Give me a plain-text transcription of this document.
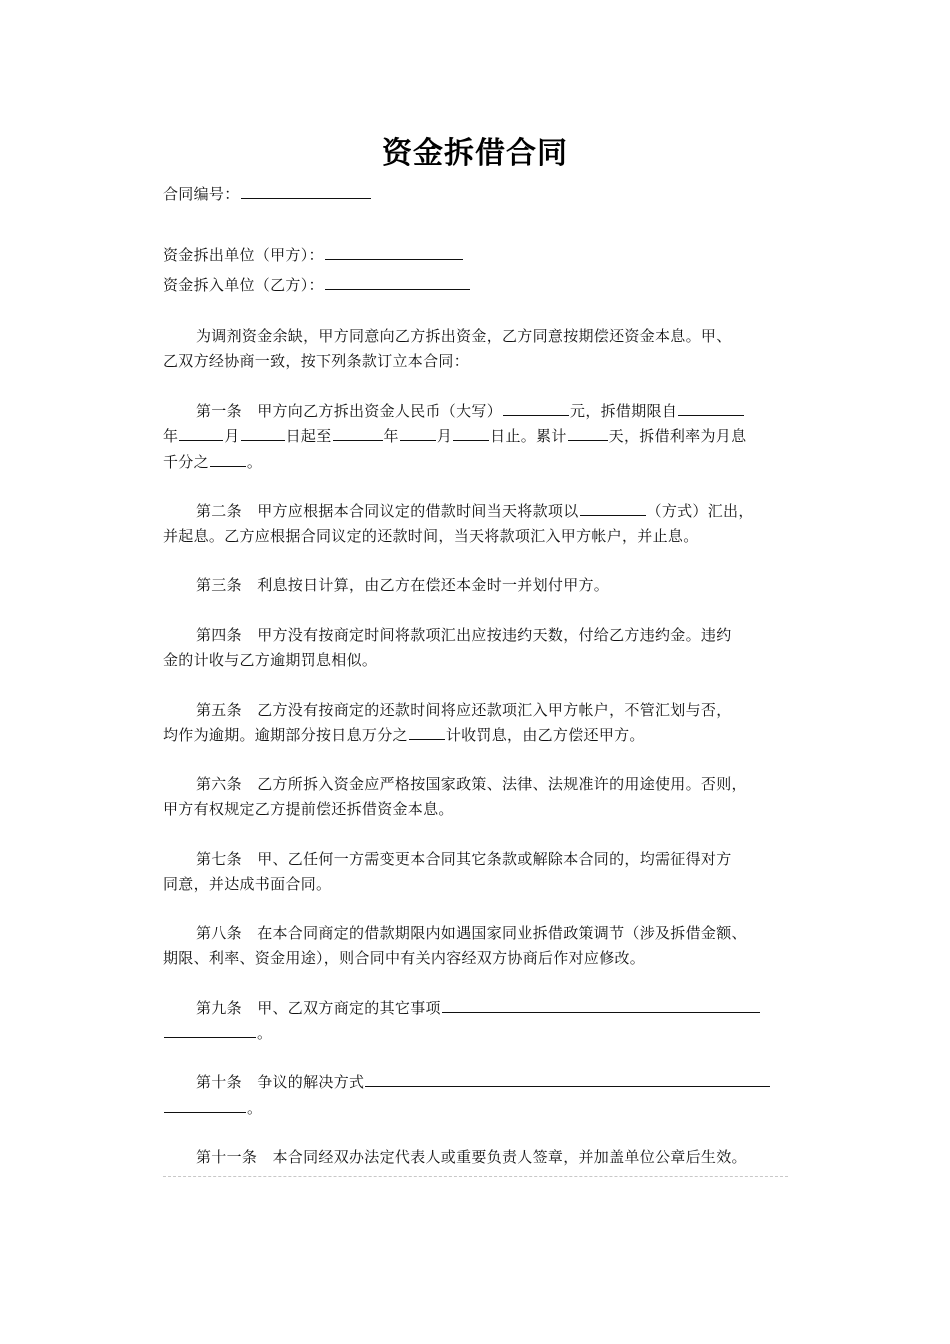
资金拆借合同
合同编号：
资金拆出单位（甲方）：
资金拆入单位（乙方）：
为调剂资金余缺，甲方同意向乙方拆出资金，乙方同意按期偿还资金本息。甲、
乙双方经协商一致，按下列条款订立本合同：
第一条　甲方向乙方拆出资金人民币（大写）	元，拆借期限自
年	月	日起至	年	月	日止。累计	天，拆借利率为月息
千分之	。
第二条　甲方应根据本合同议定的借款时间当天将款项以	（方式）汇出，
并起息。乙方应根据合同议定的还款时间，当天将款项汇入甲方帐户，并止息。
第三条　利息按日计算，由乙方在偿还本金时一并划付甲方。
第四条　甲方没有按商定时间将款项汇出应按违约天数，付给乙方违约金。违约
金的计收与乙方逾期罚息相似。
第五条　乙方没有按商定的还款时间将应还款项汇入甲方帐户，不管汇划与否，
均作为逾期。逾期部分按日息万分之	计收罚息，由乙方偿还甲方。
第六条　乙方所拆入资金应严格按国家政策、法律、法规准许的用途使用。否则，
甲方有权规定乙方提前偿还拆借资金本息。
第七条　甲、乙任何一方需变更本合同其它条款或解除本合同的，均需征得对方
同意，并达成书面合同。
第八条　在本合同商定的借款期限内如遇国家同业拆借政策调节（涉及拆借金额、
期限、利率、资金用途），则合同中有关内容经双方协商后作对应修改。
第九条　甲、乙双方商定的其它事项
。
第十条　争议的解决方式
。
第十一条　本合同经双办法定代表人或重要负责人签章，并加盖单位公章后生效。
